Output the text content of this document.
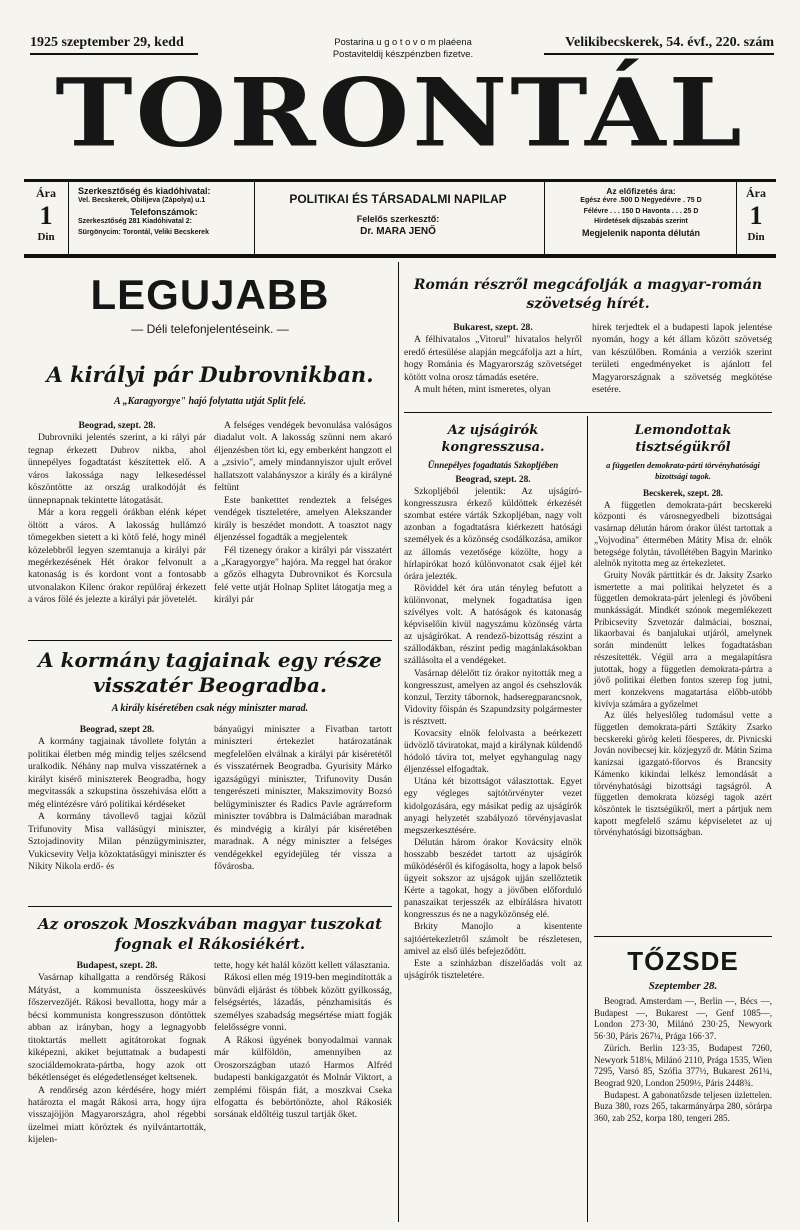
1925 szeptember 29, kedd	Postarina u g o t o v o m plaéena
Postaviteldij készpénzben fizetve.
Velikibecskerek, 54. évf., 220. szám
TORONTÁL
Ára
1
Din
Szerkesztőség és kiadóhivatal:
Vel. Becskerek, Obilijeva (Zápolya) u.1
Telefonszámok:
Szerkesztőség 281 Kiadóhivatal 2:
Sürgönycim: Torontál, Veliki Becskerek
POLITIKAI ÉS TÁRSADALMI NAPILAP
Felelős szerkesztő:
Dr. MARA JENŐ
Az előfizetés ára:
Egész évre .500 D Negyedévre . 75 D
Félévre . . . 150 D Havonta . . . 25 D
Hirdetések díjszabás szerint
Megjelenik naponta délután
Ára
1
Din
LEGUJABB
— Déli telefonjelentéseink. —
A királyi pár Dubrovnikban.
A „Karagyorgye" hajó folytatta utját Split felé.

Beograd, szept. 28.

Dubrovniki jelentés szerint, a ki rályi pár tegnap érkezett Dubrov nikba, ahol ünnepélyes fogadtatást készítettek elő. A város lakossága nagy lelkesedéssel köszöntötte az ország uralkodóját és ünnepnapnak tekintette látogatását.

Már a kora reggeli órákban elénk képet öltött a város. A lakosság hullámzó tömegekben sietett a ki kötő felé, hogy minél közelebbről legyen szemtanuja a királyi pár megérkezésének Hét órakor felvonult a katonaság is és kordont vont a fontosabb utvonalakon Kilenc órakor repülőraj érkezett a város fölé és jelezte a királyi pár jövetelét.

A felséges vendégek bevonulása valóságos diadalut volt. A lakosság szünni nem akaró éljenzésben tört ki, egy emberként hangzott el a „zsivio", amely mindannyiszor ujult erővel hallatszott valahányszor a király és a királyné feltünt

Este banketttet rendeztek a felséges vendégek tiszteletére, amelyen Alekszander király is beszédet mondott. A toasztot nagy éljenzéssel fogadták a megjelentek

Fél tizenegy órakor a királyi pár visszatért a „Karagyorgye" hajóra. Ma reggel hat órakor a gőzös elhagyta Dubrovnikot és Korcsula felé vette utját Holnap Splitet látogatja meg a királyi pár

A kormány tagjainak egy része visszatér Beogradba.
A király kiséretében csak négy miniszter marad.

Beograd, szept 28.

A kormány tagjainak távollete folytán a politikai életben még mindig teljes szélcsend uralkodik. Néhány nap mulva visszatérnek a királyt kisérő miniszterek Beogradba, hogy megvitassák a szkupstina összehivása előtt a még elintézésre váró politikai kérdéseket

A kormány távollevő tagjai közül Trifunovity Misa vallásügyi miniszter, Sztojadinovity Milan pénzügyminiszter, Vukicsevity Velja közoktatásügyi miniszter és Nikity Nikola erdő- és

bányaügyi miniszter a Fivatban tartott miniszteri értekezlet határozatának megfelelően elválnak a királyi pár kiséretétől és visszatérnek Beogradba. Gyurisity Márko igazságügyi miniszter, Trifunovity Dusán tengerészeti miniszter, Makszimovity Bozsó belügyminiszter és Radics Pavle agrárreform miniszter továbbra is Dalmáciában maradnak és mindvégig a királyi pár kiséretében maradnak. A négy miniszter a felséges vendégekkel egyidejüleg tér vissza a fővárosba.

Az oroszok Moszkvában magyar tuszokat fognak el Rákosiékért.

Budapest, szept. 28.

Vasárnap kihallgatta a rendőrség Rákosi Mátyást, a kommunista összeesküvés főszervezőjét. Rákosi bevallotta, hogy már a bécsi kommunista kongresszuson döntöttek abban az irányban, hogy a legnagyobb titoktartás mellett agitátorokat fognak kiképezni, akiket bejuttatnak a budapesti szociáldemokrata-pártba, hogy azok ott békétlenséget és elégedetlenséget keltsenek.

A rendőrség azon kérdésére, hogy miért határozta el magát Rákosi arra, hogy újra visszajöjjön Magyarországra, ahol régebbi üzelmei miatt köröztek és nyilvántartották, kijelen-

tette, hogy két halál között kellett választania.

Rákosi ellen még 1919-ben megindították a bünvádi eljárást és többek között gyilkosság, felségsértés, lázadás, pénzhamisítás és személyes szabadság megsértése miatt fogják felelősségre vonni.

A Rákosi ügyének bonyodalmai vannak már külföldön, amennyiben az Oroszországban utazó Harmos Alfréd budapesti bankigazgatót és Molnár Viktort, a zemplémi főispán fiát, a moszkvai Cseka elfogatta és bebörtönözte, ahol Rákosiék sorsának eldőltéig tuszul tartják őket.

Román részről megcáfolják a magyar-román szövetség hírét.

Bukarest, szept. 28.

A félhivatalos „Vitorul" hivatalos helyről eredő értesülése alapján megcáfolja azt a hírt, hogy Románia és Magyarország szövetséget kötött volna orosz támadás esetére.

A mult héten, mint ismeretes, olyan

hírek terjedtek el a budapesti lapok jelentése nyomán, hogy a két állam között szövetség van készülőben. Románia a verziók szerint területi engedményeket is ajánlott fel Magyarországnak a szövetség megkötése esetére.

Az ujságirók kongresszusa.
Ünnepélyes fogadtatás Szkopljében

Beograd, szept. 28.

Szkopljéból jelentik: Az ujságíró-kongresszusra érkező küldöttek érkezését szombat estére várták Szkopljéban, nagy volt azonban a fogadtatásra kiérkezett hatósági személyek és a közönség csodálkozása, amikor az állomás vezetősége közölte, hogy a hírlapirókat hozó különvonatot csak éjjel két órára jelezték.

Röviddel két óra után tényleg befutott a különvonat, melynek fogadtatása igen szívélyes volt. A hatóságok és katonaság képviselőin kivül nagyszámu közönség várta az ujságírókat. A rendező-bizottság részint a szállodákban, részint pedig magánlakásokban szállásolta el a vendégeket.

Vasárnap délelőtt tíz órakor nyitották meg a kongresszust, amelyen az angol és csehszlovák konzul, Terzity tábornok, hadseregparancsnok, Vidovity főispán és Szapundzsity polgármester is résztvett.

Kovacsity elnök felolvasta a beérkezett üdvözlő táviratokat, majd a királynak küldendő hódoló távira tot, melyet egyhangulag nagy éljenzéssel elfogadtak.

Utána két bizottságot választottak. Egyet egy végleges sajtótörvényter vezet kidolgozására, egy másikat pedig az ujságírók anyagi helyzetét szabályozó törvényjavaslat megszerkesztésére.

Délután három órakor Kovácsity elnök hosszabb beszédet tartott az ujságírók működéséről és kifogásolta, hogy a lapok belső ügyeit sokszor az ujságok ujján szellőztetik Kérte a tagokat, hogy a jövőben előforduló panaszaikat terjesszék az elbírálásra hivatott kongresszus és ne a nagyközönség elé.

Brkity Manojlo a kisentente sajtóértekezletről számolt be részletesen, amivel az első ülés befejeződött.

Este a szinházban díszelőadás volt az ujságírók tiszteletére.

Lemondottak tisztségükről
a független demokrata-párti törvényhatósági bizottsági tagok.

Becskerek, szept. 28.

A független demokrata-párt becskereki központi és városnegyedbeli bizottságai vasárnap délután három órakor ülést tartottak a „Vojvodina" éttermében Mátity Misa dr. elnök betegsége folytán, távollétében Bagyin Marinko alelnök nyitotta meg az értekezletet.

Gruity Novák párttitkár és dr. Jaksity Zsarko ismertette a mai politikai helyzetet és a független demokrata-párt jelenlegi és jövőbeni munkásságát. Mindkét szónok megemlékezett Pribicsevity Szvetozár dalmáciai, bosznai, likaorbavai és banjalukai utjáról, amelynek során mindenütt lelkes fogadtatásban részesítették. Végül arra a megalapításra jutottak, hogy a független demokrata-pártra a jövő politikai életben fontos szerep fog jutni, mert konzekvens magatartása előbb-utóbb kivívja számára a győzelmet

Az ülés helyeslőleg tudomásul vette a független demokrata-párti Sztákity Zsarko becskereki görög keleti főesperes, dr. Pivnicski Jován novibecsej kir. közjegyző dr. Mátin Szima kanizsai igazgató-főorvos és Brancsity Kámenko kikindai lelkész lemondását a törvényhatósági bizottsági tagságról. A független demokrata községi tagok azért köszöntek le tisztségükről, mert a pártjuk nem kapott megfelelő számu képviseletet az uj törvényhatósági bizottságban.

TŐZSDE
Szeptember 28.

Beograd. Amsterdam —, Berlin —, Bécs —, Budapest —, Bukarest —, Genf 1085—, London 273·30, Milánó 230·25, Newyork 56·30, Páris 267¼, Prága 166·37.

Zürich. Berlin 123·35, Budapest 7260, Newyork 518⅛, Milánó 2110, Prága 1535, Wien 7295, Varsó 85, Szófia 377½, Bukarest 261¼, Beograd 920, London 2509½, Páris 2448¾.

Budapest. A gabonatőzsde teljesen üzlettelen. Buza 380, rozs 265, takarmányárpa 280, sörárpa 360, zab 252, korpa 180, tengeri 285.
